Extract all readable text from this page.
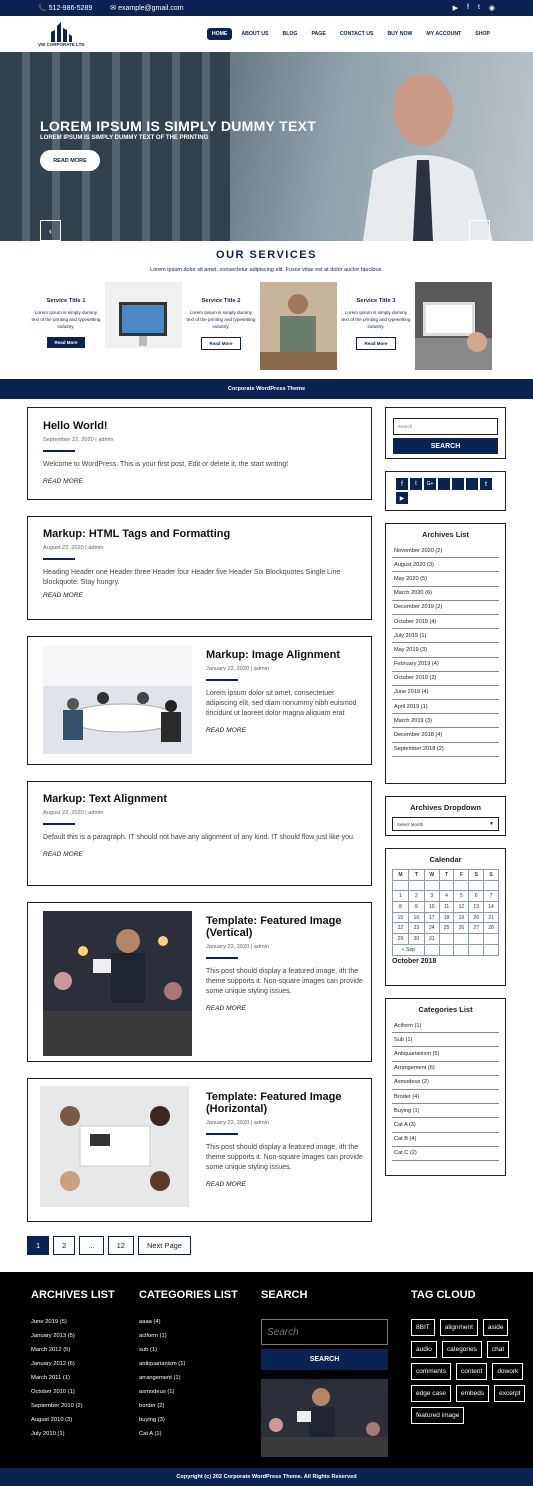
📞 512-986-5289	✉ example@gmail.com	▶ f t ◉
VW CORPORATE LTD
HOME	ABOUT US	BLOG	PAGE	CONTACT US	BUY NOW	MY ACCOUNT	SHOP
LOREM IPSUM IS SIMPLY DUMMY TEXT
LOREM IPSUM IS SIMPLY DUMMY TEXT OF THE PRINTING
READ MORE
‹	›
OUR SERVICES
Lorem ipsum dolor sit amet, consectetur adipiscing elit. Fusce vitae est at dolor auctor faucibus.
Service Title 1

Lorem Ipsum is simply dummy text of the printing and typesetting industry.

Read More
Service Title 2

Lorem Ipsum is simply dummy text of the printing and typesetting industry.

Read More
Service Title 3

Lorem Ipsum is simply dummy text of the printing and typesetting industry.

Read More
Corporate WordPress Theme
Hello World!
September 22, 2020 | admin

Welcome to WordPress. This is your first post, Edit or delete it, the start writing!

READ MORE
Markup: HTML Tags and Formatting
August 22, 2020 | admin

Heading Header one Header three Header four Header five Header Six Blockquotes Single Line blockquote: Stay hungry.

READ MORE
Markup: Image Alignment
January 22, 2020 | admin

Lorem ipsum dolor sit amet, consectetuer adipiscing elit, sed diam nonummy nibh euismod tincidunt ut laoreet dolor magna aliquam erat

READ MORE
Markup: Text Alignment
August 22, 2020 | admin

Default this is a paragraph. IT should not have any alignment of any kind. IT should flow just like you.

READ MORE
Template: Featured Image (Vertical)
January 22, 2020 | admin

This post should display a featured image, ith the theme supports it. Non-square images can provide some unique styling issues.

READ MORE
Template: Featured Image (Horizontal)
January 22, 2020 | admin

This post should display a featured image, ith the theme supports it. Non-square images can provide some unique styling issues.

READ MORE
Search
SEARCH
f	t	G+	t
▶
Archives List
November 2020 (2)
August 2020 (3)
May 2020 (5)
March 2020 (6)
December 2019 (2)
October 2019 (4)
July 2019 (1)
May 2019 (3)
February 2019 (4)
October 2019 (2)
June 2019 (4)
April 2019 (1)
March 2019 (3)
December 2018 (4)
September 2018 (2)
Archives Dropdown
Select Month	▼
Calendar
M	T	W	T	F	S	S

1	2	3	4	5	6	7
8	9	10	11	12	13	14
15	16	17	18	19	20	21
22	23	24	25	26	27	28
29	30	31				
« Sep						
October 2018
Categories List
Aciform (1)
Sub (1)
Antiquarianism (5)
Arrangement (6)
Asmodeus (2)
Broder (4)
Buying (1)
Cat A (3)
Cat B (4)
Cat C (2)
1	2	...	12	Next Page
ARCHIVES LIST
June 2019 (5)
January 2013 (5)
March 2012 (5)
January 2012 (6)
March 2011 (1)
October 2010 (1)
September 2010 (2)
August 2010 (3)
July 2010 (1)
CATEGORIES LIST
aaaa (4)
aciform (1)
sub (1)
antiquarianism (1)
arrangement (1)
asmodeus (1)
border (2)
buying (3)
Cat A (1)
SEARCH
Search
SEARCH
TAG CLOUD
8BIT	alignment	aside
audio	categories	chat
comments	content	dowork
edge case	embeds	excerpt
featured image
Copyright (c) 202 Corporate WordPress Theme. All Rights Reserved
